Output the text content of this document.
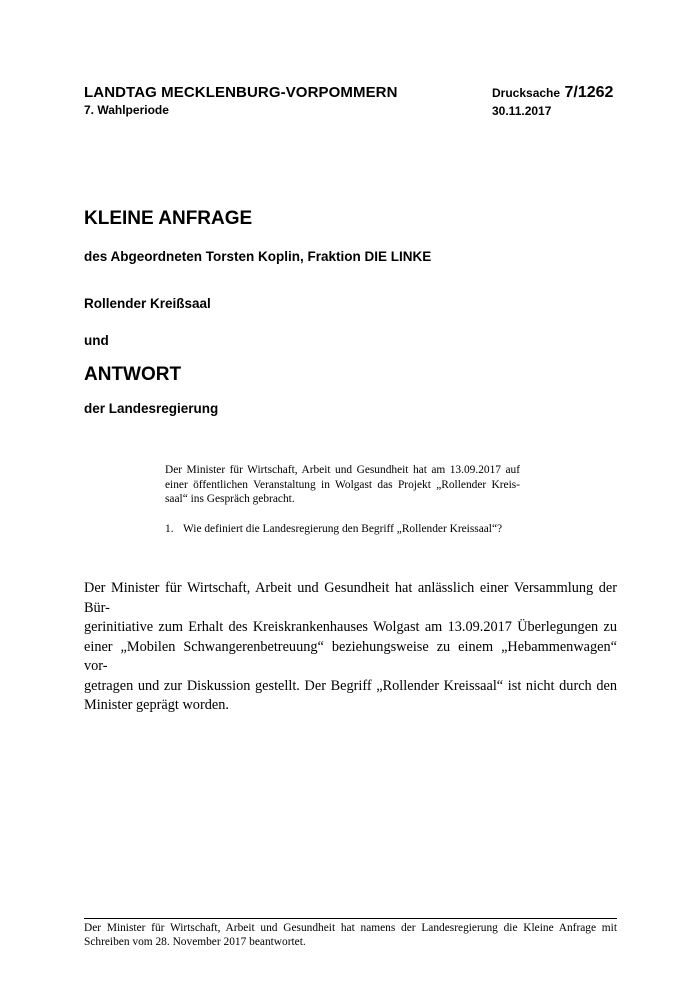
LANDTAG MECKLENBURG-VORPOMMERN
7. Wahlperiode
Drucksache 7/1262
30.11.2017
KLEINE ANFRAGE
des Abgeordneten Torsten Koplin, Fraktion DIE LINKE
Rollender Kreißsaal
und
ANTWORT
der Landesregierung

Der Minister für Wirtschaft, Arbeit und Gesundheit hat am 13.09.2017 auf

einer öffentlichen Veranstaltung in Wolgast das Projekt „Rollender Kreis-

saal“ ins Gespräch gebracht.

1. Wie definiert die Landesregierung den Begriff „Rollender Kreissaal“?

Der Minister für Wirtschaft, Arbeit und Gesundheit hat anlässlich einer Versammlung der Bür-

gerinitiative zum Erhalt des Kreiskrankenhauses Wolgast am 13.09.2017 Überlegungen zu

einer „Mobilen Schwangerenbetreuung“ beziehungsweise zu einem „Hebammenwagen“ vor-

getragen und zur Diskussion gestellt. Der Begriff „Rollender Kreissaal“ ist nicht durch den

Minister geprägt worden.

Der Minister für Wirtschaft, Arbeit und Gesundheit hat namens der Landesregierung die Kleine Anfrage mit

Schreiben vom 28. November 2017 beantwortet.
